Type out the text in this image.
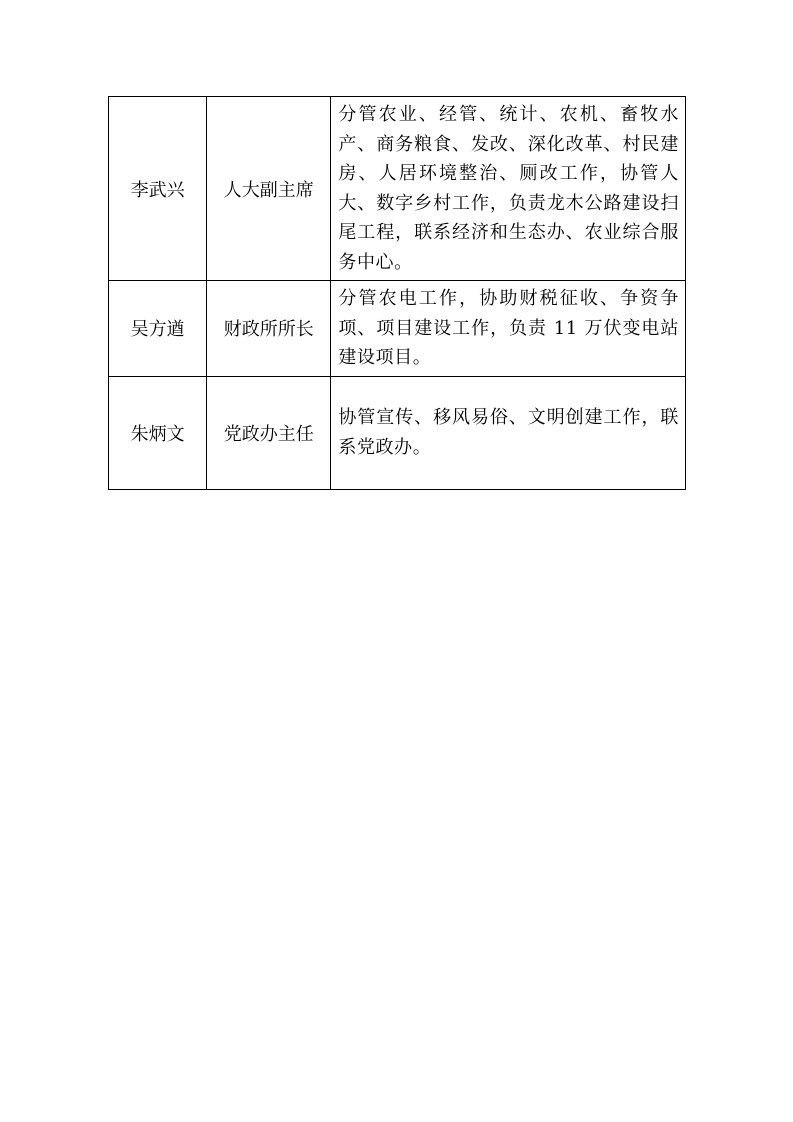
李武兴	人大副主席	分管农业、经管、统计、农机、畜牧水产、商务粮食、发改、深化改革、村民建房、人居环境整治、厕改工作，协管人大、数字乡村工作，负责龙木公路建设扫尾工程，联系经济和生态办、农业综合服务中心。
吴方遒	财政所所长	分管农电工作，协助财税征收、争资争项、项目建设工作，负责 11 万伏变电站建设项目。
朱炳文	党政办主任	协管宣传、移风易俗、文明创建工作，联系党政办。
